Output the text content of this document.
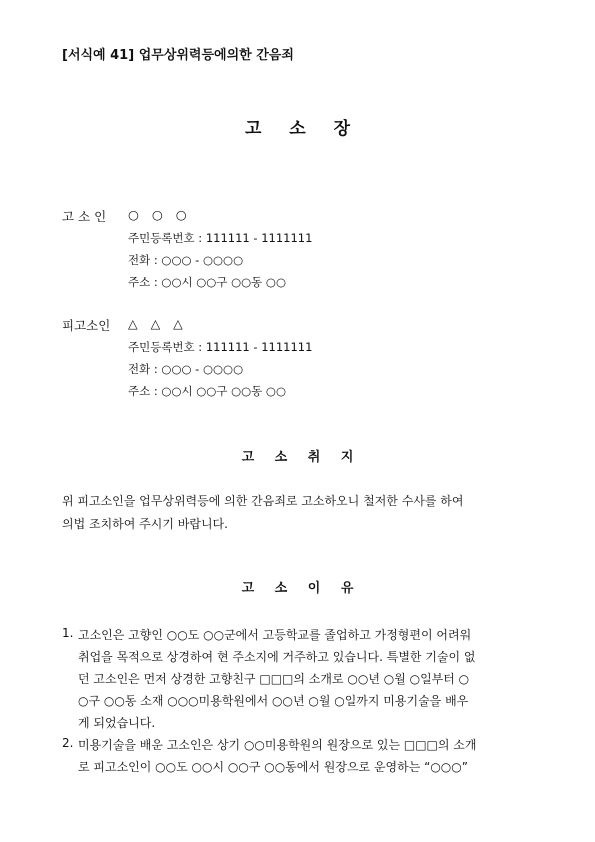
[서식예 41] 업무상위력등에의한 간음죄
고 소 장
고 소 인 ○ ○ ○
주민등록번호 : 111111 - 1111111
전화 : ○○○ - ○○○○
주소 : ○○시 ○○구 ○○동 ○○
피고소인 △ △ △
주민등록번호 : 111111 - 1111111
전화 : ○○○ - ○○○○
주소 : ○○시 ○○구 ○○동 ○○
고 소 취 지
위 피고소인을 업무상위력등에 의한 간음죄로 고소하오니 철저한 수사를 하여
의법 조치하여 주시기 바랍니다.
고 소 이 유
1. 고소인은 고향인 ○○도 ○○군에서 고등학교를 졸업하고 가정형편이 어려워
취업을 목적으로 상경하여 현 주소지에 거주하고 있습니다. 특별한 기술이 없
던 고소인은 먼저 상경한 고향친구 □□□의 소개로 ○○년 ○월 ○일부터 ○
○구 ○○동 소재 ○○○미용학원에서 ○○년 ○월 ○일까지 미용기술을 배우
게 되었습니다.
2. 미용기술을 배운 고소인은 상기 ○○미용학원의 원장으로 있는 □□□의 소개
로 피고소인이 ○○도 ○○시 ○○구 ○○동에서 원장으로 운영하는 “○○○”
